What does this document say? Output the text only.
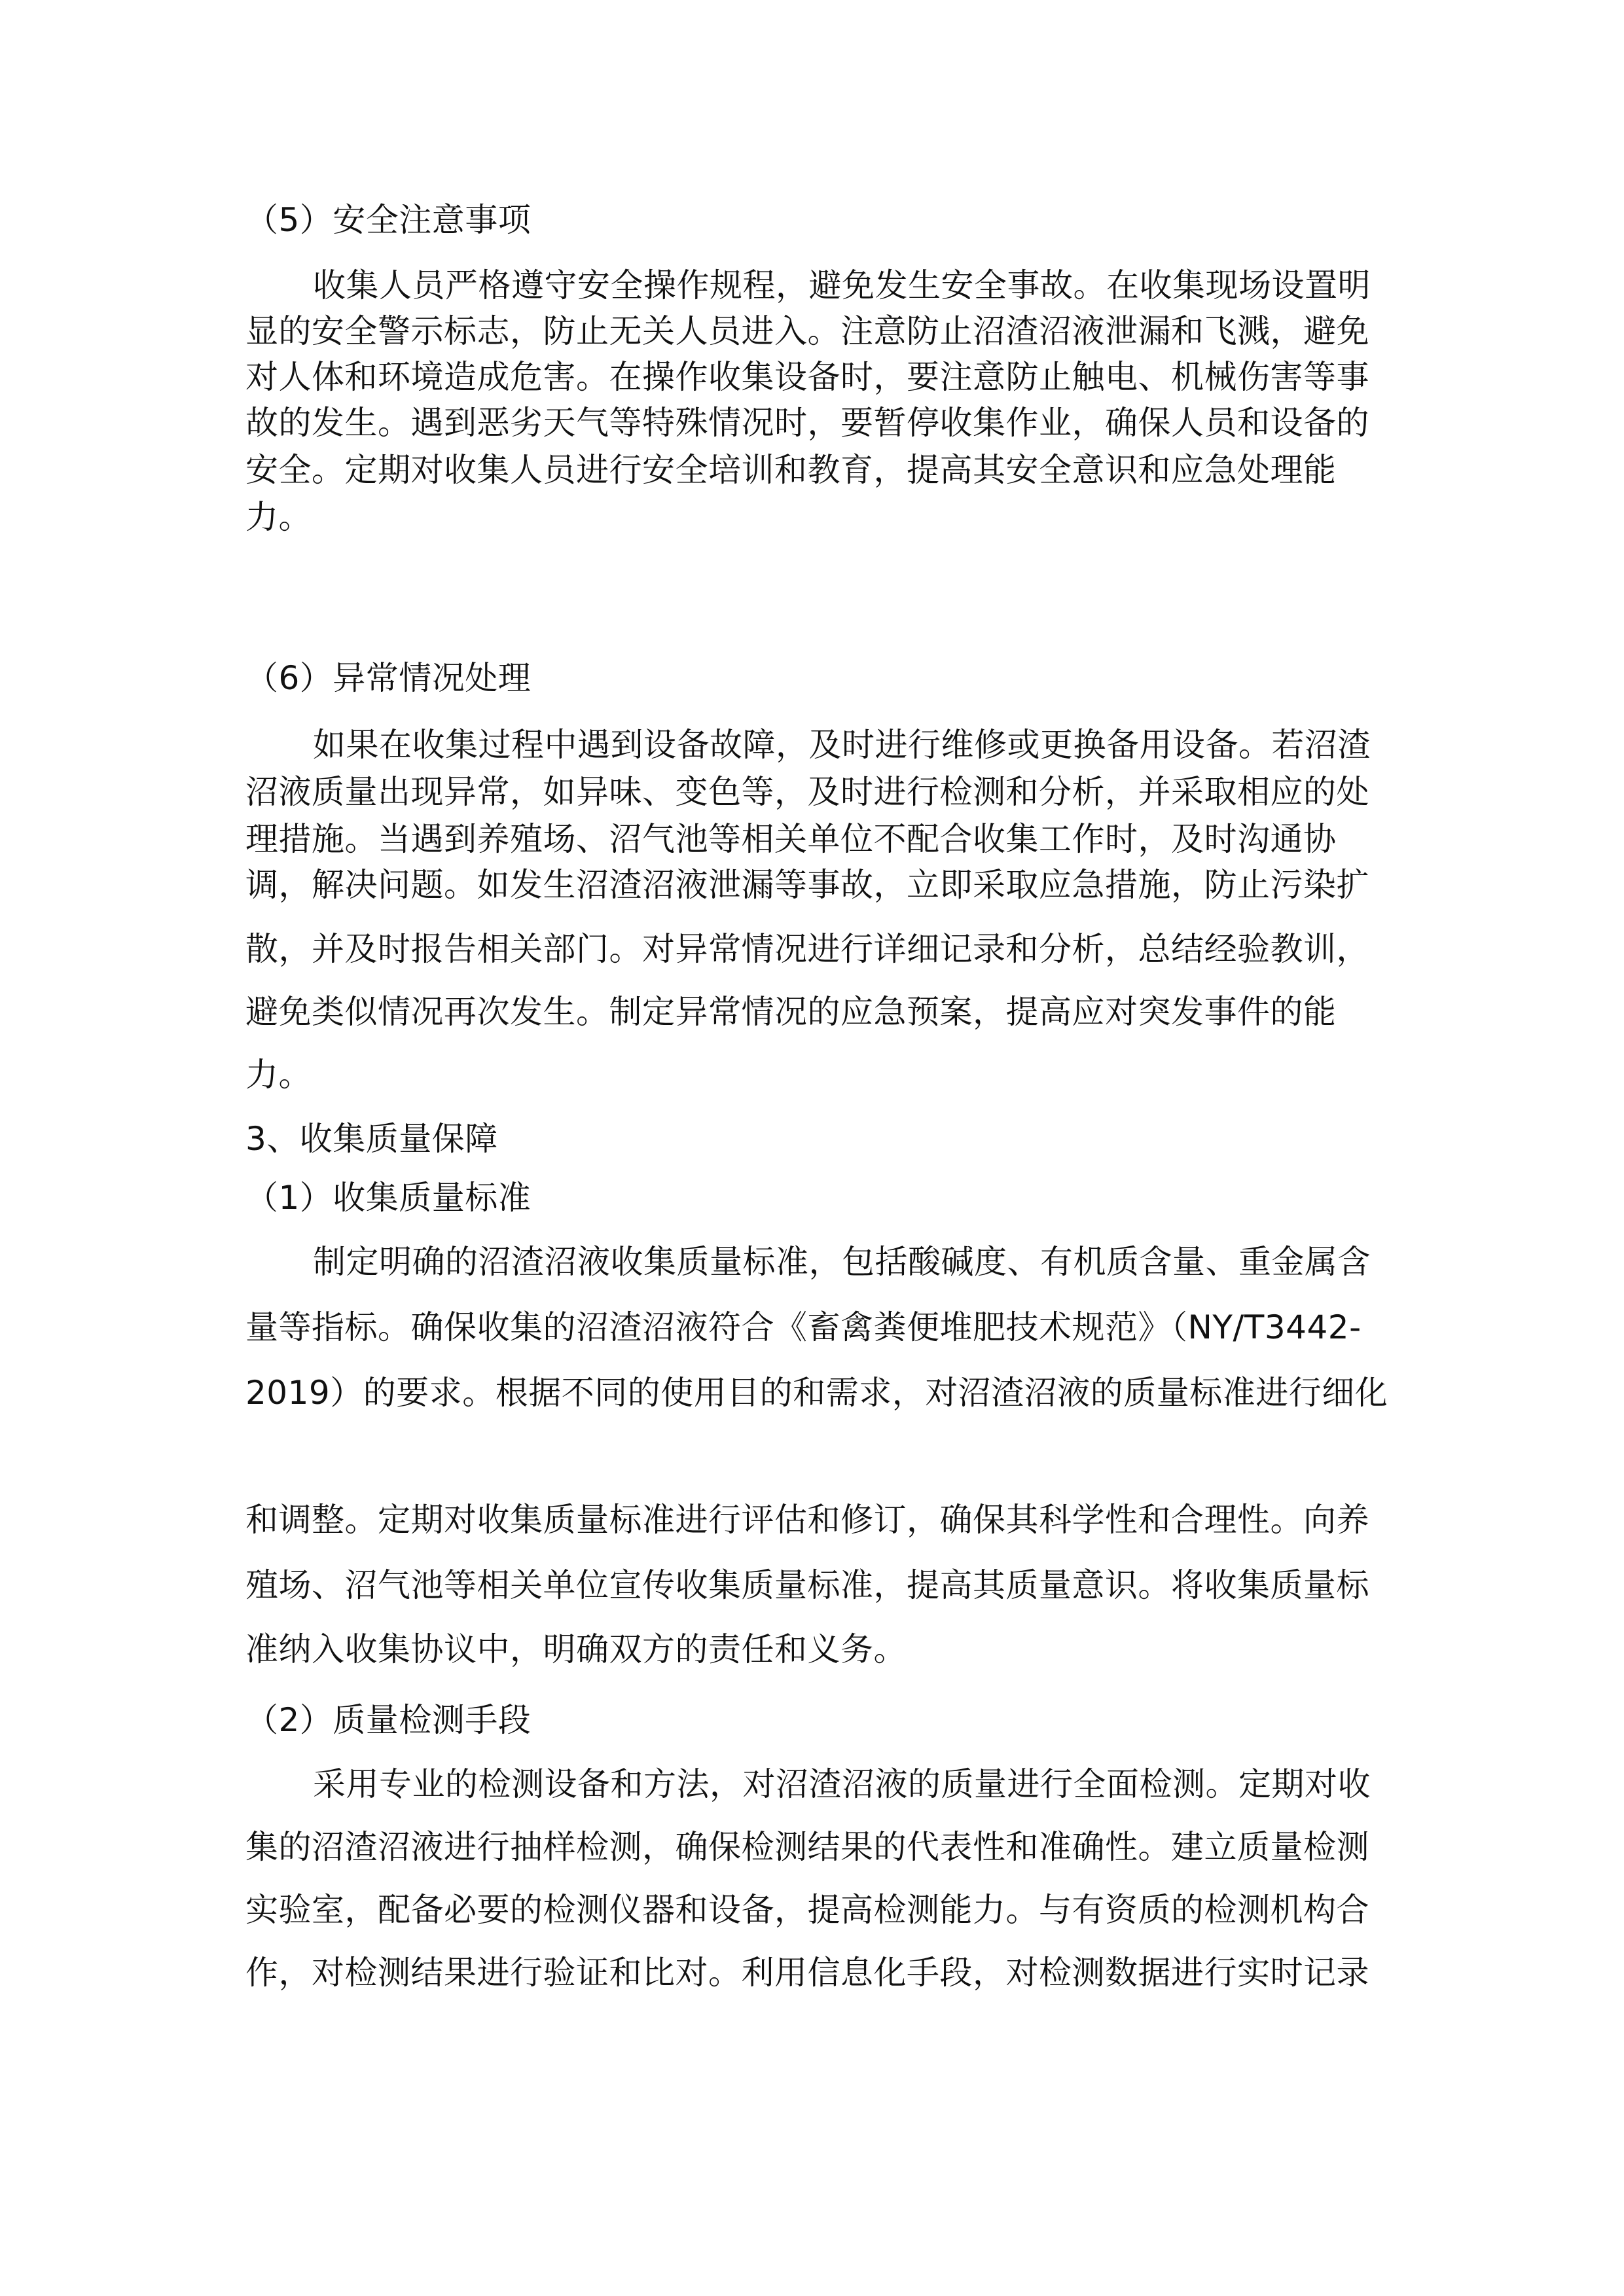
（5）安全注意事项
收集人员严格遵守安全操作规程，避免发生安全事故。在收集现场设置明
显的安全警示标志，防止无关人员进入。注意防止沼渣沼液泄漏和飞溅，避免
对人体和环境造成危害。在操作收集设备时，要注意防止触电、机械伤害等事
故的发生。遇到恶劣天气等特殊情况时，要暂停收集作业，确保人员和设备的
安全。定期对收集人员进行安全培训和教育，提高其安全意识和应急处理能
力。
（6）异常情况处理
如果在收集过程中遇到设备故障，及时进行维修或更换备用设备。若沼渣
沼液质量出现异常，如异味、变色等，及时进行检测和分析，并采取相应的处
理措施。当遇到养殖场、沼气池等相关单位不配合收集工作时，及时沟通协
调，解决问题。如发生沼渣沼液泄漏等事故，立即采取应急措施，防止污染扩
散，并及时报告相关部门。对异常情况进行详细记录和分析，总结经验教训，
避免类似情况再次发生。制定异常情况的应急预案，提高应对突发事件的能
力。
3、收集质量保障
（1）收集质量标准
制定明确的沼渣沼液收集质量标准，包括酸碱度、有机质含量、重金属含
量等指标。确保收集的沼渣沼液符合《畜禽粪便堆肥技术规范》（NY/T3442-
2019）的要求。根据不同的使用目的和需求，对沼渣沼液的质量标准进行细化
和调整。定期对收集质量标准进行评估和修订，确保其科学性和合理性。向养
殖场、沼气池等相关单位宣传收集质量标准，提高其质量意识。将收集质量标
准纳入收集协议中，明确双方的责任和义务。
（2）质量检测手段
采用专业的检测设备和方法，对沼渣沼液的质量进行全面检测。定期对收
集的沼渣沼液进行抽样检测，确保检测结果的代表性和准确性。建立质量检测
实验室，配备必要的检测仪器和设备，提高检测能力。与有资质的检测机构合
作，对检测结果进行验证和比对。利用信息化手段，对检测数据进行实时记录
